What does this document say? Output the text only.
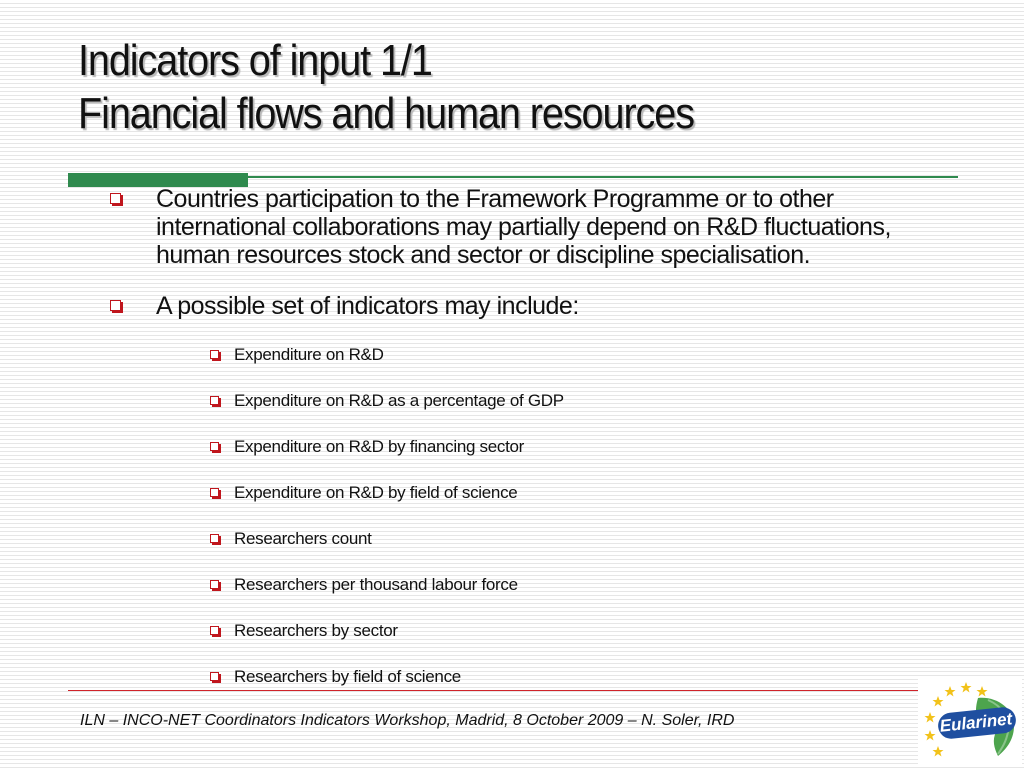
Indicators of input 1/1
Financial flows and human resources
Countries participation to the Framework Programme or to other international collaborations may partially depend on R&D fluctuations, human resources stock and sector or discipline specialisation.
A possible set of indicators may include:
Expenditure on R&D
Expenditure on R&D as a percentage of GDP
Expenditure on R&D by financing sector
Expenditure on R&D by field of science
Researchers count
Researchers per thousand labour force
Researchers by sector
Researchers by field of science
ILN – INCO-NET Coordinators Indicators Workshop, Madrid, 8 October 2009 – N. Soler, IRD	Eularinet
